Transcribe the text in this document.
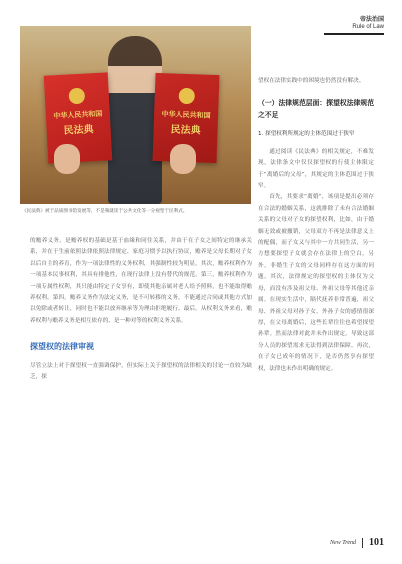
帝法治国
Rule of Law
中华人民共和国
民法典
中华人民共和国
民法典
《民法典》被于品质图书馆发展等，不是频就读于公共文化等一分视型于民利式。

的赡养义务，是赡养权的基础是基于血缘和同住关系，并由于在子女之间特定的继承关系，并在于生前依照法律依照法律规定、家庭习惯予以执行协议，赡养是父母长期对子女以后自主的养育，作为一项法律性的义务权利，其强制性较为明显。其次，赡养权利作为一项基本民事权利，其具有排他性，在现行法律上没有替代的规范。第三，赡养权利作为一项专属性权利，其只能由特定子女享有，即使其他亲属对老人给予照料，也不能取得赡养权利。第四，赡养义务作为法定义务，是不可转移的义务，不能通过合同或其他方式加以免除或者转让，同时也不能以放弃继承等为理由拒绝履行。最后，从权利义务来看，赡养权利与赡养义务是相互依存的，是一种对等的权利义务关系。

探望权的法律审视

尽管立法上对于探望权一直强调保护，但实际上关于探望权的法律相关的讨论一直较为缺乏，探

望权在法律实践中的困境也仍然没有解决。

（一）法律规范层面：探望权法律规范之不足
1. 探望权利所规定的主体范围过于狭窄

通过阅读《民法典》的相关规定，不难发现，法律条文中仅仅探望权的行使主体限定于“离婚后的父母”，其规定的主体范围过于狭窄。

首先，其要求“离婚”，该项是提出必须存在合法的婚姻关系，这就排除了未有合法婚姻关系的父母对子女的探望权利，比如，由于婚姻无效或被撤销，父母双方不再是法律意义上的配偶，而子女又与其中一方共同生活，另一方想要探望子女就会存在法律上的空白。另外，非婚生子女的父母同样存在这方面的问题。其次，法律规定的探望权的主体仅为父母，而没有涉及祖父母、外祖父母等其他近亲属。在现实生活中，隔代抚养非常普遍，祖父母、外祖父母对孙子女、外孙子女的感情很深厚，在父母离婚后，这些长辈往往也希望探望孙辈。然而法律对此并未作出规定，导致这部分人员的探望需求无法得到法律保障。再次，在子女已成年的情况下，是否仍然享有探望权，法律也未作出明确的规定。

New Trend 101
